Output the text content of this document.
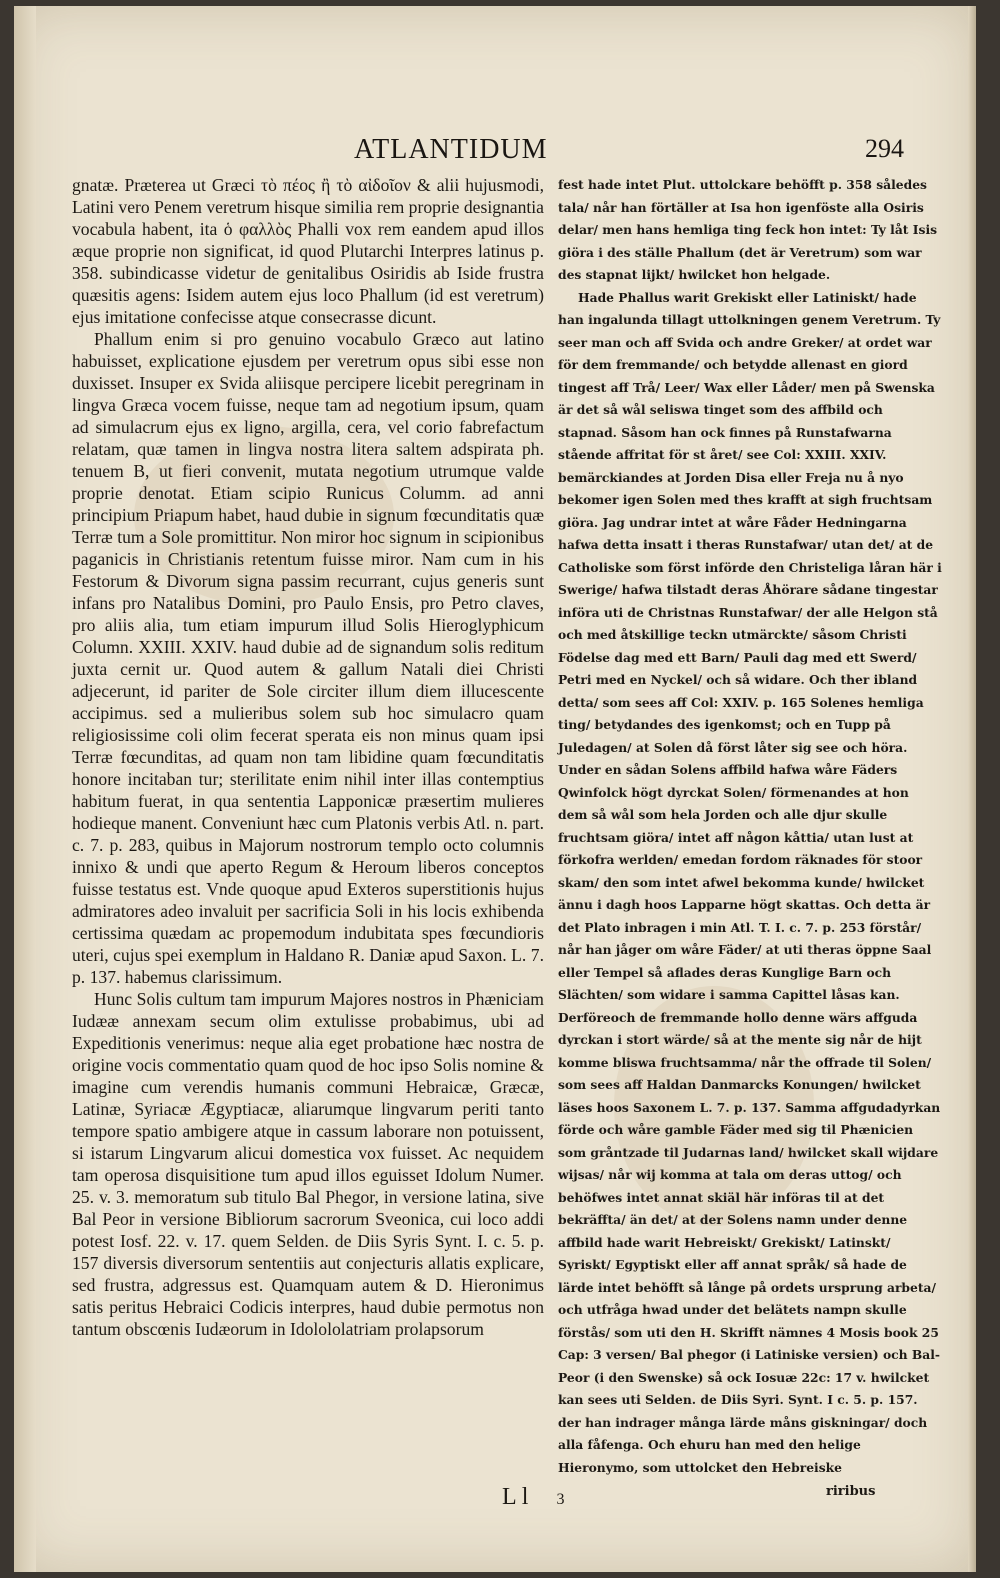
ATLANTIDUM	294

gnatæ. Præterea ut Græci τὸ πέος ἢ τὸ αἰδοῖον & alii hujusmodi, Latini vero Penem veretrum hisque similia rem proprie designantia vocabula habent, ita ὁ φαλλὸς Phalli vox rem eandem apud illos æque proprie non significat, id quod Plutarchi Interpres latinus p. 358. subindicasse videtur de genitalibus Osiridis ab Iside frustra quæsitis agens: Isidem autem ejus loco Phallum (id est veretrum) ejus imitatione confecisse atque consecrasse dicunt.

Phallum enim si pro genuino vocabulo Græco aut latino habuisset, explicatione ejusdem per veretrum opus sibi esse non duxisset. Insuper ex Svida aliisque percipere licebit peregrinam in lingva Græca vocem fuisse, neque tam ad negotium ipsum, quam ad simulacrum ejus ex ligno, argilla, cera, vel corio fabrefactum relatam, quæ tamen in lingva nostra litera saltem adspirata ph. tenuem B, ut fieri convenit, mutata negotium utrumque valde proprie denotat. Etiam scipio Runicus Columm. ad anni principium Priapum habet, haud dubie in signum fœcunditatis quæ Terræ tum a Sole promittitur. Non miror hoc signum in scipionibus paganicis in Christianis retentum fuisse miror. Nam cum in his Festorum & Divorum signa passim recurrant, cujus generis sunt infans pro Natalibus Domini, pro Paulo Ensis, pro Petro claves, pro aliis alia, tum etiam impurum illud Solis Hieroglyphicum Column. XXIII. XXIV. haud dubie ad de signandum solis reditum juxta cernit ur. Quod autem & gallum Natali diei Christi adjecerunt, id pariter de Sole circiter illum diem illucescente accipimus. sed a mulieribus solem sub hoc simulacro quam religiosissime coli olim fecerat sperata eis non minus quam ipsi Terræ fœcunditas, ad quam non tam libidine quam fœcunditatis honore incitaban tur; sterilitate enim nihil inter illas contemptius habitum fuerat, in qua sententia Lapponicæ præsertim mulieres hodieque manent. Conveniunt hæc cum Platonis verbis Atl. n. part. c. 7. p. 283, quibus in Majorum nostrorum templo octo columnis innixo & undi que aperto Regum & Heroum liberos conceptos fuisse testatus est. Vnde quoque apud Exteros superstitionis hujus admiratores adeo invaluit per sacrificia Soli in his locis exhibenda certissima quædam ac propemodum indubitata spes fœcundioris uteri, cujus spei exemplum in Haldano R. Daniæ apud Saxon. L. 7. p. 137. habemus clarissimum.

Hunc Solis cultum tam impurum Majores nostros in Phæniciam Iudææ annexam secum olim extulisse probabimus, ubi ad Expeditionis venerimus: neque alia eget probatione hæc nostra de origine vocis commentatio quam quod de hoc ipso Solis nomine & imagine cum verendis humanis communi Hebraicæ, Græcæ, Latinæ, Syriacæ Ægyptiacæ, aliarumque lingvarum periti tanto tempore spatio ambigere atque in cassum laborare non potuissent, si istarum Lingvarum alicui domestica vox fuisset. Ac nequidem tam operosa disquisitione tum apud illos eguisset Idolum Numer. 25. v. 3. memoratum sub titulo Bal Phegor, in versione latina, sive Bal Peor in versione Bibliorum sacrorum Sveonica, cui loco addi potest Iosf. 22. v. 17. quem Selden. de Diis Syris Synt. I. c. 5. p. 157 diversis diversorum sententiis aut conjecturis allatis explicare, sed frustra, adgressus est. Quamquam autem & D. Hieronimus satis peritus Hebraici Codicis interpres, haud dubie permotus non tantum obscœnis Iudæorum in Idolololatriam prolapsorum

fest hade intet Plut. uttolckare behöfft p. 358 således tala/ når han förtäller at Isa hon igenföste alla Osiris delar/ men hans hemliga ting feck hon intet: Ty låt Isis giöra i des ställe Phallum (det är Veretrum) som war des stapnat lijkt/ hwilcket hon helgade.

Hade Phallus warit Grekiskt eller Latiniskt/ hade han ingalunda tillagt uttolkningen genem Veretrum. Ty seer man och aff Svida och andre Greker/ at ordet war för dem fremmande/ och betydde allenast en giord tingest aff Trå/ Leer/ Wax eller Låder/ men på Swenska är det så wål seliswa tinget som des affbild och stapnad. Såsom han ock finnes på Runstafwarna stående affritat för st året/ see Col: XXIII. XXIV. bemärckiandes at Jorden Disa eller Freja nu å nyo bekomer igen Solen med thes krafft at sigh fruchtsam giöra. Jag undrar intet at wåre Fåder Hedningarna hafwa detta insatt i theras Runstafwar/ utan det/ at de Catholiske som först införde den Christeliga låran här i Swerige/ hafwa tilstadt deras Åhörare sådane tingestar införa uti de Christnas Runstafwar/ der alle Helgon stå och med åtskillige teckn utmärckte/ såsom Christi Födelse dag med ett Barn/ Pauli dag med ett Swerd/ Petri med en Nyckel/ och så widare. Och ther ibland detta/ som sees aff Col: XXIV. p. 165 Solenes hemliga ting/ betydandes des igenkomst; och en Tupp på Juledagen/ at Solen då först låter sig see och höra. Under en sådan Solens affbild hafwa wåre Fäders Qwinfolck högt dyrckat Solen/ förmenandes at hon dem så wål som hela Jorden och alle djur skulle fruchtsam giöra/ intet aff någon kåttia/ utan lust at förkofra werlden/ emedan fordom räknades för stoor skam/ den som intet afwel bekomma kunde/ hwilcket ännu i dagh hoos Lapparne högt skattas. Och detta är det Plato inbragen i min Atl. T. I. c. 7. p. 253 förstår/ når han jåger om wåre Fäder/ at uti theras öppne Saal eller Tempel så aflades deras Kunglige Barn och Slächten/ som widare i samma Capittel låsas kan. Derföreoch de fremmande hollo denne wärs affguda dyrckan i stort wärde/ så at the mente sig når de hijt komme bliswa fruchtsamma/ når the offrade til Solen/ som sees aff Haldan Danmarcks Konungen/ hwilcket läses hoos Saxonem L. 7. p. 137. Samma affgudadyrkan förde och wåre gamble Fäder med sig til Phænicien som gråntzade til Judarnas land/ hwilcket skall wijdare wijsas/ når wij komma at tala om deras uttog/ och behöfwes intet annat skiäl här införas til at det bekräffta/ än det/ at der Solens namn under denne affbild hade warit Hebreiskt/ Grekiskt/ Latinskt/ Syriskt/ Egyptiskt eller aff annat språk/ så hade de lärde intet behöfft så långe på ordets ursprung arbeta/ och utfråga hwad under det belätets nampn skulle förstås/ som uti den H. Skrifft nämnes 4 Mosis book 25 Cap: 3 versen/ Bal phegor (i Latiniske versien) och Bal-Peor (i den Swenske) så ock Iosuæ 22c: 17 v. hwilcket kan sees uti Selden. de Diis Syri. Synt. I c. 5. p. 157. der han indrager många lärde måns giskningar/ doch alla fåfenga. Och ehuru han med den helige Hieronymo, som uttolcket den Hebreiske

L l 3	riribus
